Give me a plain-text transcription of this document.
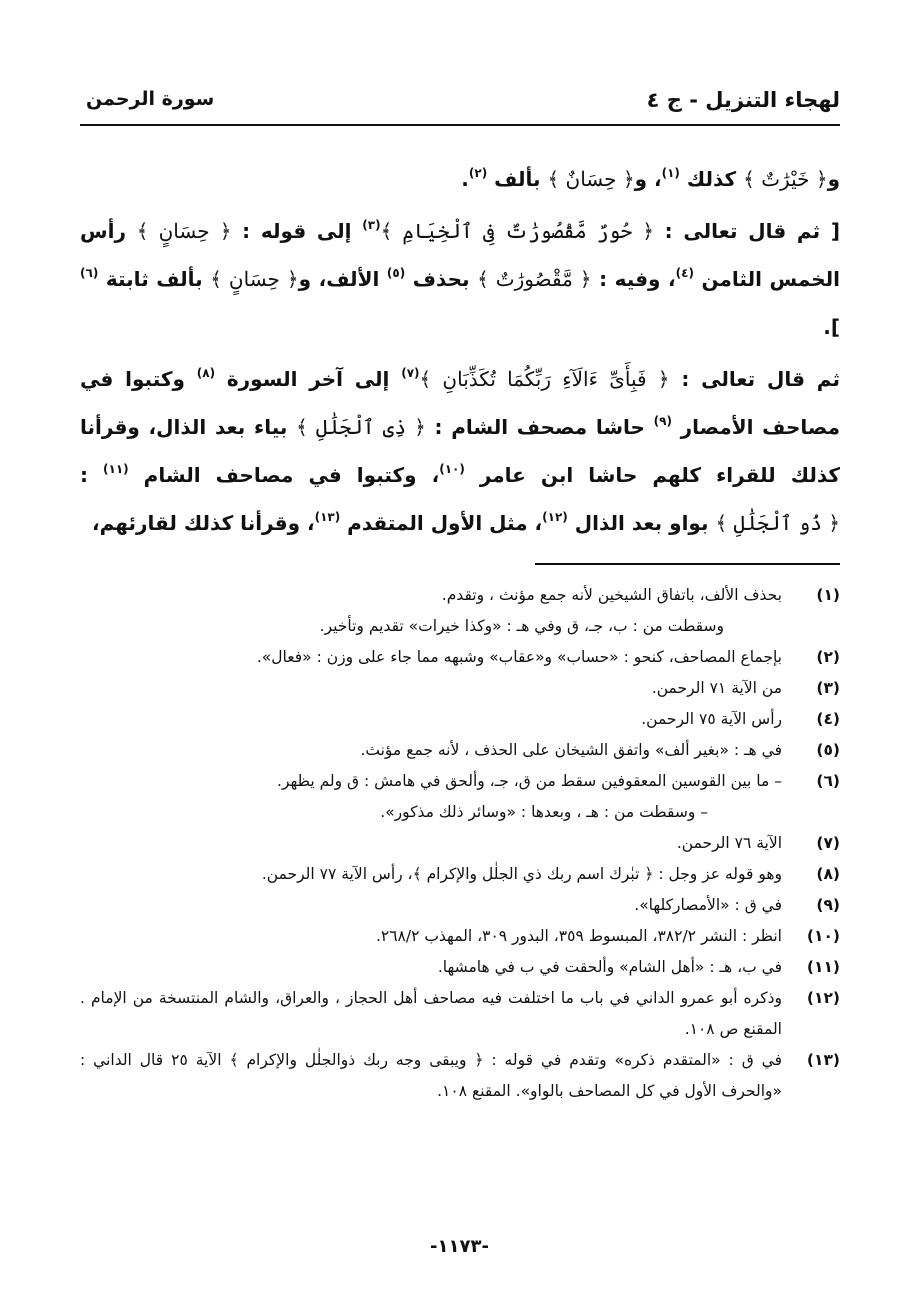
لهجاء التنزيل - ج ٤
سورة الرحمن

و﴿ خَيْرَٰتٌ ﴾ كذلك $^{(١)}$، و﴿ حِسَانٌ ﴾ بألف $^{(٢)}$.

[ ثم قال تعالى : ﴿ حُورٌ مَّقْصُورَٰتٌ فِى ٱلْخِيَامِ ﴾$^{(٣)}$ إلى قوله : ﴿ حِسَانٍ ﴾ رأس الخمس الثامن $^{(٤)}$، وفيه : ﴿ مَّقْصُورَٰتٌ ﴾ بحذف $^{(٥)}$ الألف، و﴿ حِسَانٍ ﴾ بألف ثابتة $^{(٦)}$ ].

ثم قال تعالى : ﴿ فَبِأَىِّ ءَالَآءِ رَبِّكُمَا تُكَذِّبَانِ ﴾$^{(٧)}$ إلى آخر السورة $^{(٨)}$ وكتبوا في مصاحف الأمصار $^{(٩)}$ حاشا مصحف الشام : ﴿ ذِى ٱلْجَلَٰلِ ﴾ بياء بعد الذال، وقرأنا كذلك للقراء كلهم حاشا ابن عامر $^{(١٠)}$، وكتبوا في مصاحف الشام $^{(١١)}$ : ﴿ ذُو ٱلْجَلَٰلِ ﴾ بواو بعد الذال $^{(١٢)}$، مثل الأول المتقدم $^{(١٣)}$، وقرأنا كذلك لقارئهم،

(١)
بحذف الألف، باتفاق الشيخين لأنه جمع مؤنث ، وتقدم.
وسقطت من : ب، جـ، ق وفي هـ : «وكذا خيرات» تقديم وتأخير.
(٢)
بإجماع المصاحف، كنحو : «حساب» و«عقاب» وشبهه مما جاء على وزن : «فعال».
(٣)
من الآية ٧١ الرحمن.
(٤)
رأس الآية ٧٥ الرحمن.
(٥)
في هـ : «بغير ألف» واتفق الشيخان على الحذف ، لأنه جمع مؤنث.
(٦)
– ما بين القوسين المعقوفين سقط من ق، جـ، وألحق في هامش : ق ولم يظهر.
– وسقطت من : هـ ، وبعدها : «وسائر ذلك مذكور».
(٧)
الآية ٧٦ الرحمن.
(٨)
وهو قوله عز وجل : ﴿ تبٰرك اسم ربك ذي الجلٰل والإكرام ﴾، رأس الآية ٧٧ الرحمن.
(٩)
في ق : «الأمصاركلها».
(١٠)
انظر : النشر ٣٨٢/٢، المبسوط ٣٥٩، البدور ٣٠٩، المهذب ٢٦٨/٢.
(١١)
في ب، هـ : «أهل الشام» وألحقت في ب في هامشها.
(١٢)
وذكره أبو عمرو الداني في باب ما اختلفت فيه مصاحف أهل الحجاز ، والعراق، والشام المنتسخة من الإمام . المقنع ص ١٠٨.
(١٣)
في ق : «المتقدم ذكره» وتقدم في قوله : ﴿ ويبقى وجه ربك ذوالجلٰل والإكرام ﴾ الآية ٢٥ قال الداني : «والحرف الأول في كل المصاحف بالواو». المقنع ١٠٨.
-١١٧٣-
